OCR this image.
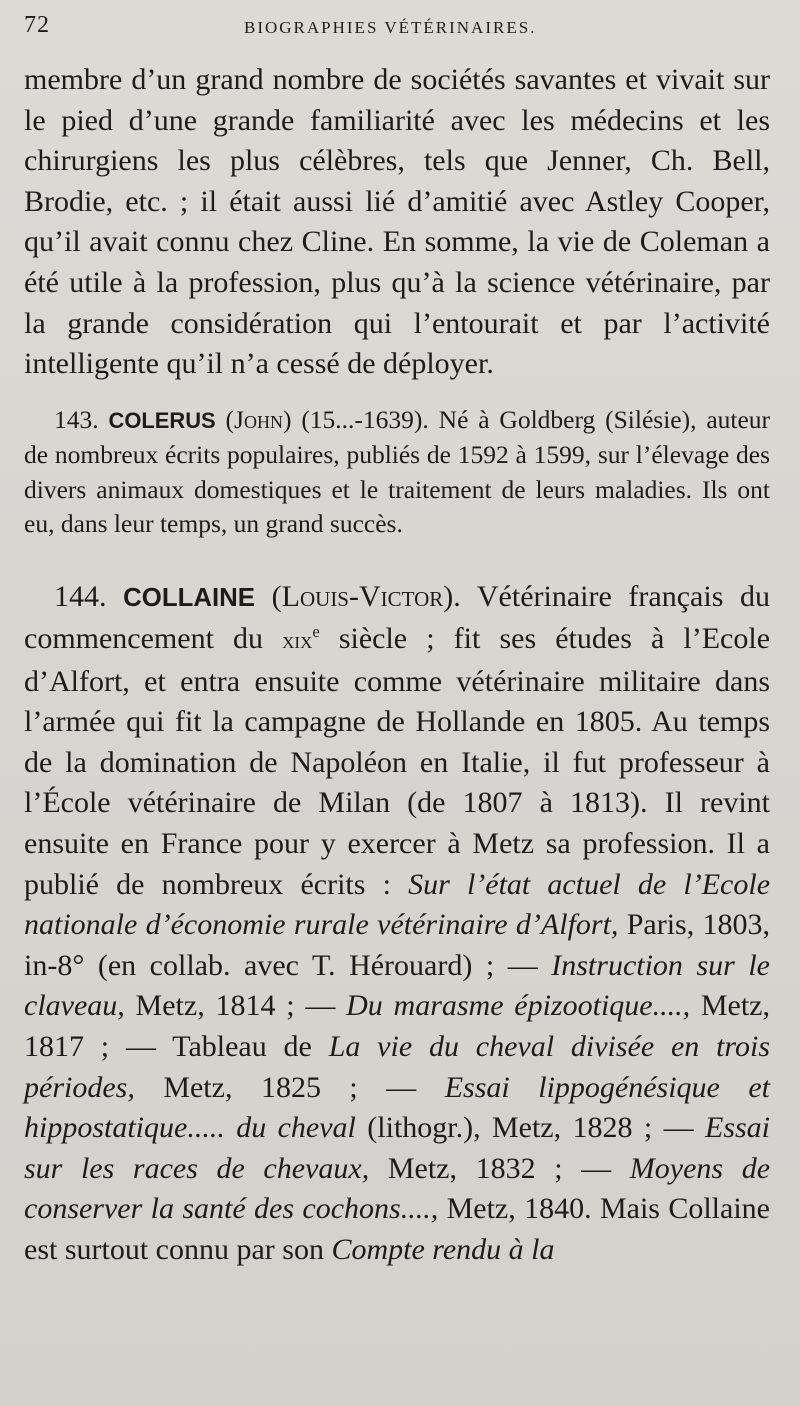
72	BIOGRAPHIES VÉTÉRINAIRES.

membre d’un grand nombre de sociétés savantes et vivait sur le pied d’une grande familiarité avec les médecins et les chirurgiens les plus célèbres, tels que Jenner, Ch. Bell, Brodie, etc. ; il était aussi lié d’amitié avec Astley Cooper, qu’il avait connu chez Cline. En somme, la vie de Coleman a été utile à la profession, plus qu’à la science vétérinaire, par la grande considération qui l’entourait et par l’activité intelligente qu’il n’a cessé de déployer.

143. COLERUS (John) (15...-1639). Né à Goldberg (Silésie), auteur de nombreux écrits populaires, publiés de 1592 à 1599, sur l’élevage des divers animaux domestiques et le traitement de leurs maladies. Ils ont eu, dans leur temps, un grand succès.

144. COLLAINE (Louis-Victor). Vétérinaire français du commencement du xix$^e$ siècle ; fit ses études à l’Ecole d’Alfort, et entra ensuite comme vétérinaire militaire dans l’armée qui fit la campagne de Hollande en 1805. Au temps de la domination de Napoléon en Italie, il fut professeur à l’École vétérinaire de Milan (de 1807 à 1813). Il revint ensuite en France pour y exercer à Metz sa profession. Il a publié de nombreux écrits : Sur l’état actuel de l’Ecole nationale d’économie rurale vétérinaire d’Alfort, Paris, 1803, in-8° (en collab. avec T. Hérouard) ; — Instruction sur le claveau, Metz, 1814 ; — Du marasme épizootique...., Metz, 1817 ; — Tableau de La vie du cheval divisée en trois périodes, Metz, 1825 ; — Essai lippogénésique et hippostatique..... du cheval (lithogr.), Metz, 1828 ; — Essai sur les races de chevaux, Metz, 1832 ; — Moyens de conserver la santé des cochons...., Metz, 1840. Mais Collaine est surtout connu par son Compte rendu à la
